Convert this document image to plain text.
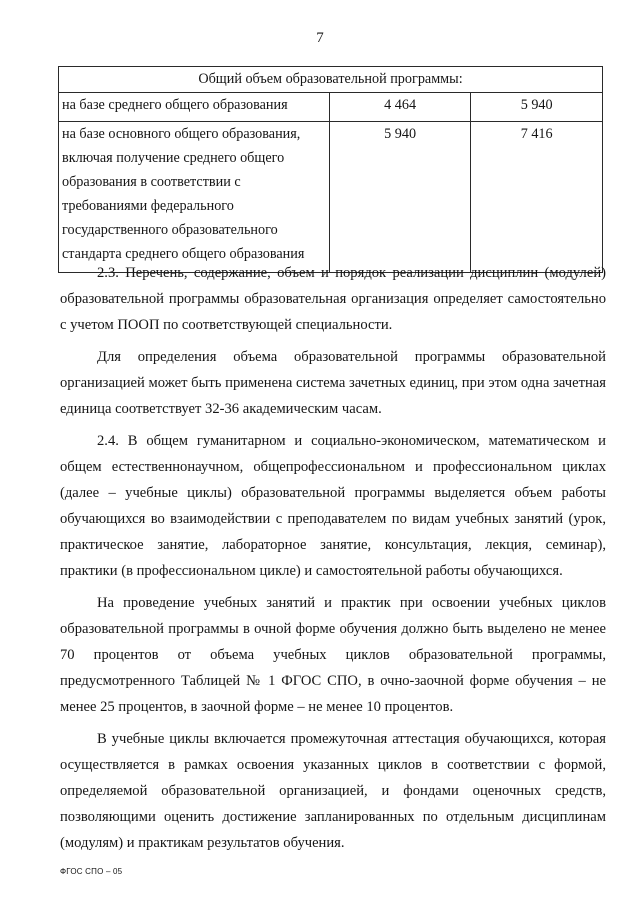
7
Общий объем образовательной программы:		
на базе среднего общего образования	4 464	5 940
на базе основного общего образования, включая получение среднего общего образования в соответствии с требованиями федерального государственного образовательного стандарта среднего общего образования	5 940	7 416

2.3. Перечень, содержание, объем и порядок реализации дисциплин (модулей) образовательной программы образовательная организация определяет самостоятельно с учетом ПООП по соответствующей специальности.

Для определения объема образовательной программы образовательной организацией может быть применена система зачетных единиц, при этом одна зачетная единица соответствует 32-36 академическим часам.

2.4. В общем гуманитарном и социально-экономическом, математическом и общем естественнонаучном, общепрофессиональном и профессиональном циклах (далее – учебные циклы) образовательной программы выделяется объем работы обучающихся во взаимодействии с преподавателем по видам учебных занятий (урок, практическое занятие, лабораторное занятие, консультация, лекция, семинар), практики (в профессиональном цикле) и самостоятельной работы обучающихся.

На проведение учебных занятий и практик при освоении учебных циклов образовательной программы в очной форме обучения должно быть выделено не менее 70 процентов от объема учебных циклов образовательной программы, предусмотренного Таблицей № 1 ФГОС СПО, в очно-заочной форме обучения – не менее 25 процентов, в заочной форме – не менее 10 процентов.

В учебные циклы включается промежуточная аттестация обучающихся, которая осуществляется в рамках освоения указанных циклов в соответствии с формой, определяемой образовательной организацией, и фондами оценочных средств, позволяющими оценить достижение запланированных по отдельным дисциплинам (модулям) и практикам результатов обучения.

ФГОС СПО – 05
